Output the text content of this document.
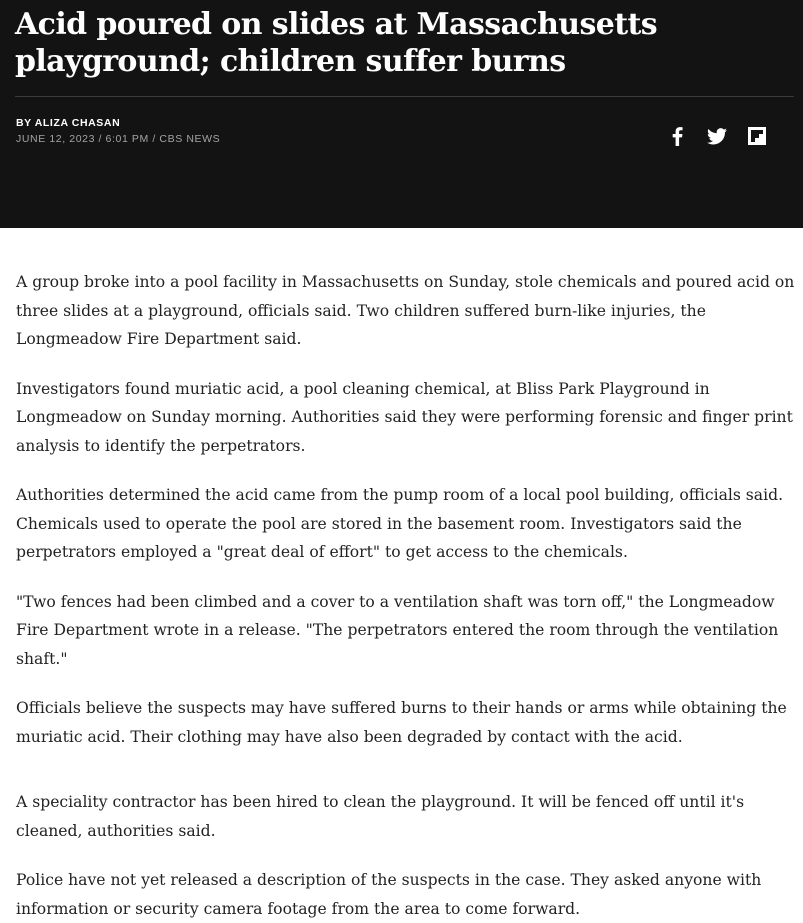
Acid poured on slides at Massachusetts playground; children suffer burns
BY ALIZA CHASAN
JUNE 12, 2023 / 6:01 PM / CBS NEWS

A group broke into a pool facility in Massachusetts on Sunday, stole chemicals and poured acid on three slides at a playground, officials said. Two children suffered burn-like injuries, the Longmeadow Fire Department said.

Investigators found muriatic acid, a pool cleaning chemical, at Bliss Park Playground in Longmeadow on Sunday morning. Authorities said they were performing forensic and finger print analysis to identify the perpetrators.

Authorities determined the acid came from the pump room of a local pool building, officials said. Chemicals used to operate the pool are stored in the basement room. Investigators said the perpetrators employed a "great deal of effort" to get access to the chemicals.

"Two fences had been climbed and a cover to a ventilation shaft was torn off," the Longmeadow Fire Department wrote in a release. "The perpetrators entered the room through the ventilation shaft."

Officials believe the suspects may have suffered burns to their hands or arms while obtaining the muriatic acid. Their clothing may have also been degraded by contact with the acid.

A speciality contractor has been hired to clean the playground. It will be fenced off until it's cleaned, authorities said.

Police have not yet released a description of the suspects in the case. They asked anyone with information or security camera footage from the area to come forward.
